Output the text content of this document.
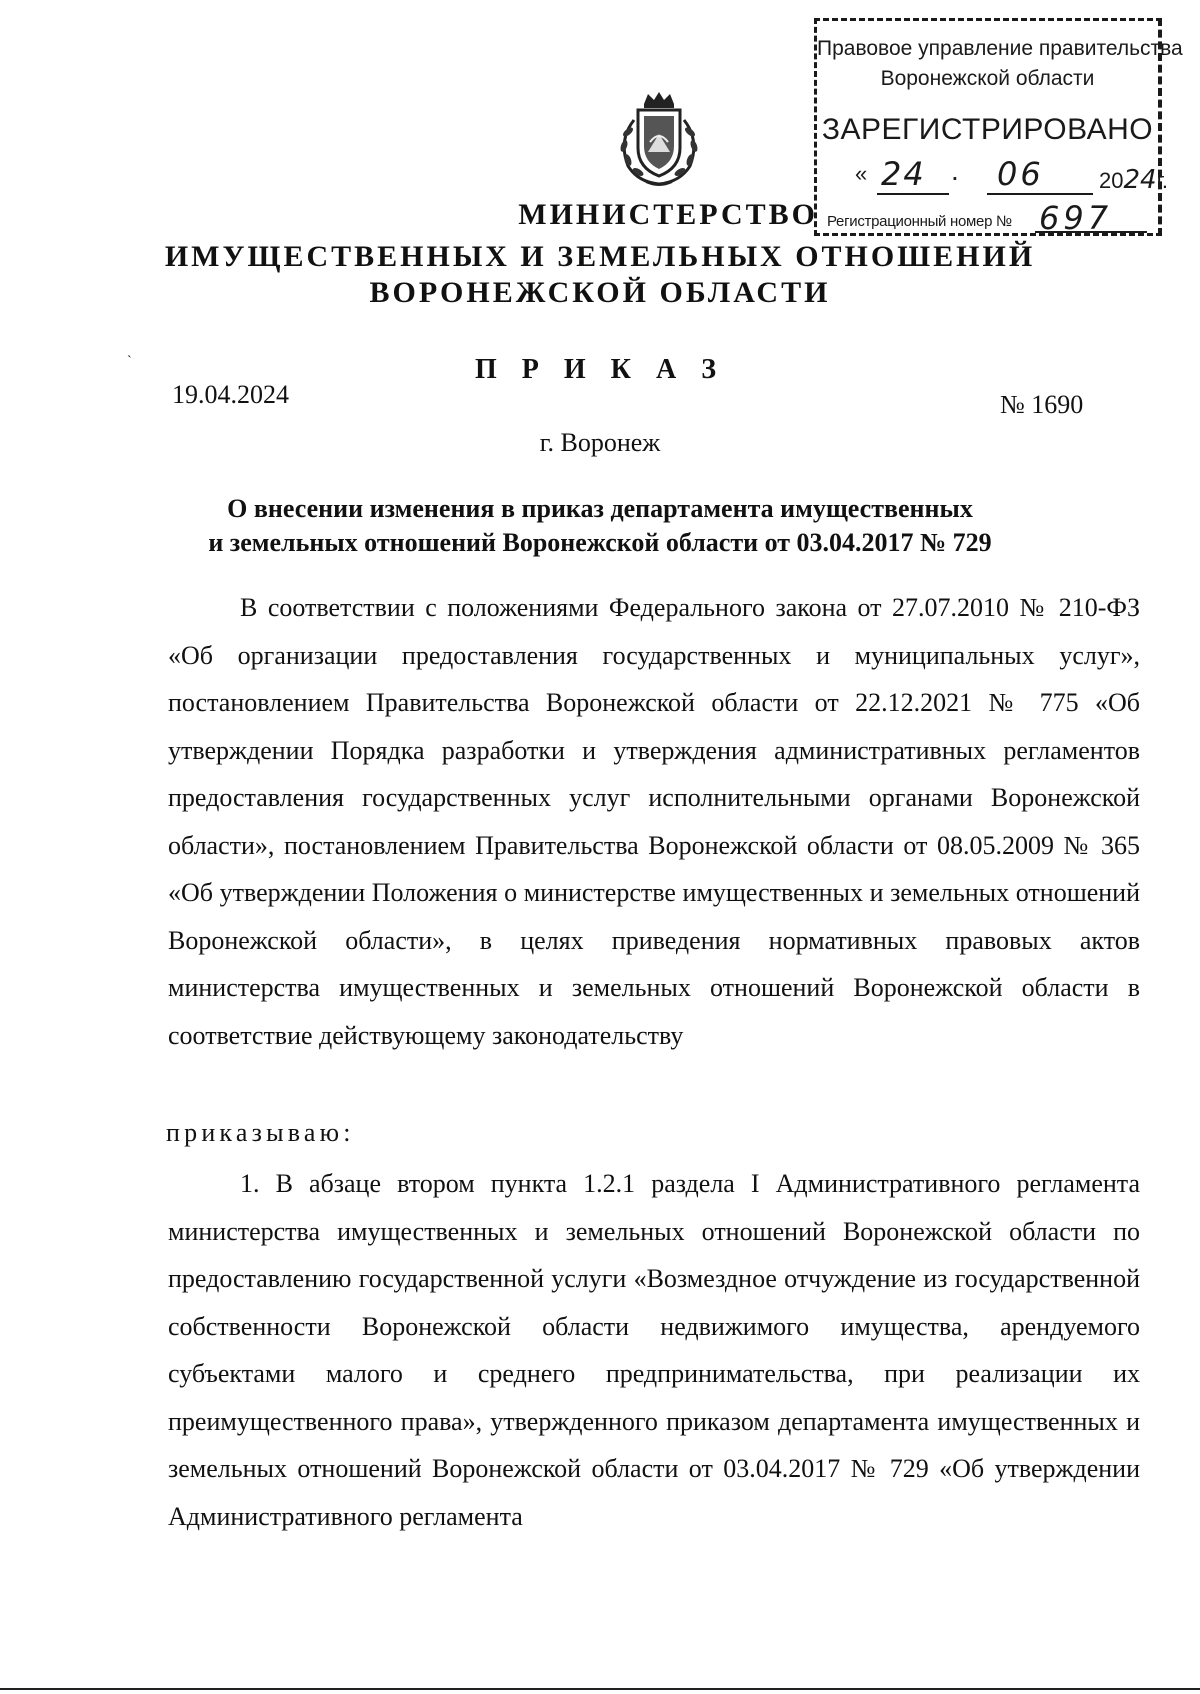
Правовое управление правительства
Воронежской области
ЗАРЕГИСТРИРОВАНО
« 24 . 06	2024г.
Регистрационный номер № 697
МИНИСТЕРСТВО
ИМУЩЕСТВЕННЫХ И ЗЕМЕЛЬНЫХ ОТНОШЕНИЙ
ВОРОНЕЖСКОЙ ОБЛАСТИ
ˋ	П Р И К А З
19.04.2024	№ 1690
г. Воронеж
О внесении изменения в приказ департамента имущественных
и земельных отношений Воронежской области от 03.04.2017 № 729
В соответствии с положениями Федерального закона от 27.07.2010 № 210-ФЗ «Об организации предоставления государственных и муниципальных услуг», постановлением Правительства Воронежской области от 22.12.2021 № 775 «Об утверждении Порядка разработки и утверждения административных регламентов предоставления государственных услуг исполнительными органами Воронежской области», постановлением Правительства Воронежской области от 08.05.2009 № 365 «Об утверждении Положения о министерстве имущественных и земельных отношений Воронежской области», в целях приведения нормативных правовых актов министерства имущественных и земельных отношений Воронежской области в соответствие действующему законодательству
приказываю:
1. В абзаце втором пункта 1.2.1 раздела I Административного регламента министерства имущественных и земельных отношений Воронежской области по предоставлению государственной услуги «Возмездное отчуждение из государственной собственности Воронежской области недвижимого имущества, арендуемого субъектами малого и среднего предпринимательства, при реализации их преимущественного права», утвержденного приказом департамента имущественных и земельных отношений Воронежской области от 03.04.2017 № 729 «Об утверждении Административного регламента
